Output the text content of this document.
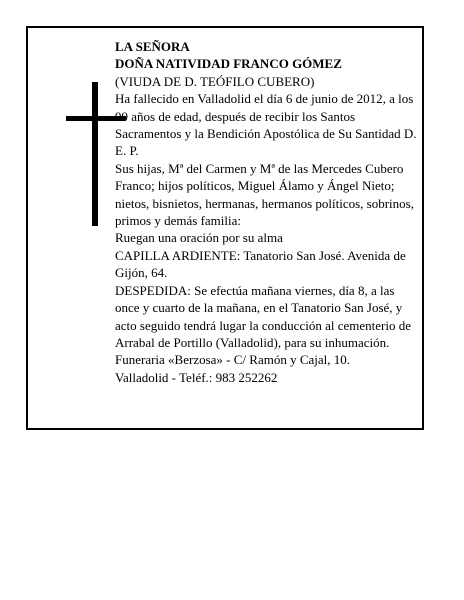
LA SEÑORA

DOÑA NATIVIDAD FRANCO GÓMEZ

(VIUDA DE D. TEÓFILO CUBERO)

Ha fallecido en Valladolid el día 6 de junio de 2012, a los 99 años de edad, después de recibir los Santos Sacramentos y la Bendición Apostólica de Su Santidad D. E. P.

Sus hijas, Mª del Carmen y Mª de las Mercedes Cubero Franco; hijos políticos, Miguel Álamo y Ángel Nieto; nietos, bisnietos, hermanas, hermanos políticos, sobrinos, primos y demás familia:

Ruegan una oración por su alma

CAPILLA ARDIENTE: Tanatorio San José. Avenida de Gijón, 64.

DESPEDIDA: Se efectúa mañana viernes, día 8, a las once y cuarto de la mañana, en el Tanatorio San José, y acto seguido tendrá lugar la conducción al cementerio de Arrabal de Portillo (Valladolid), para su inhumación.

Funeraria «Berzosa» - C/ Ramón y Cajal, 10.

Valladolid - Teléf.: 983 252262
